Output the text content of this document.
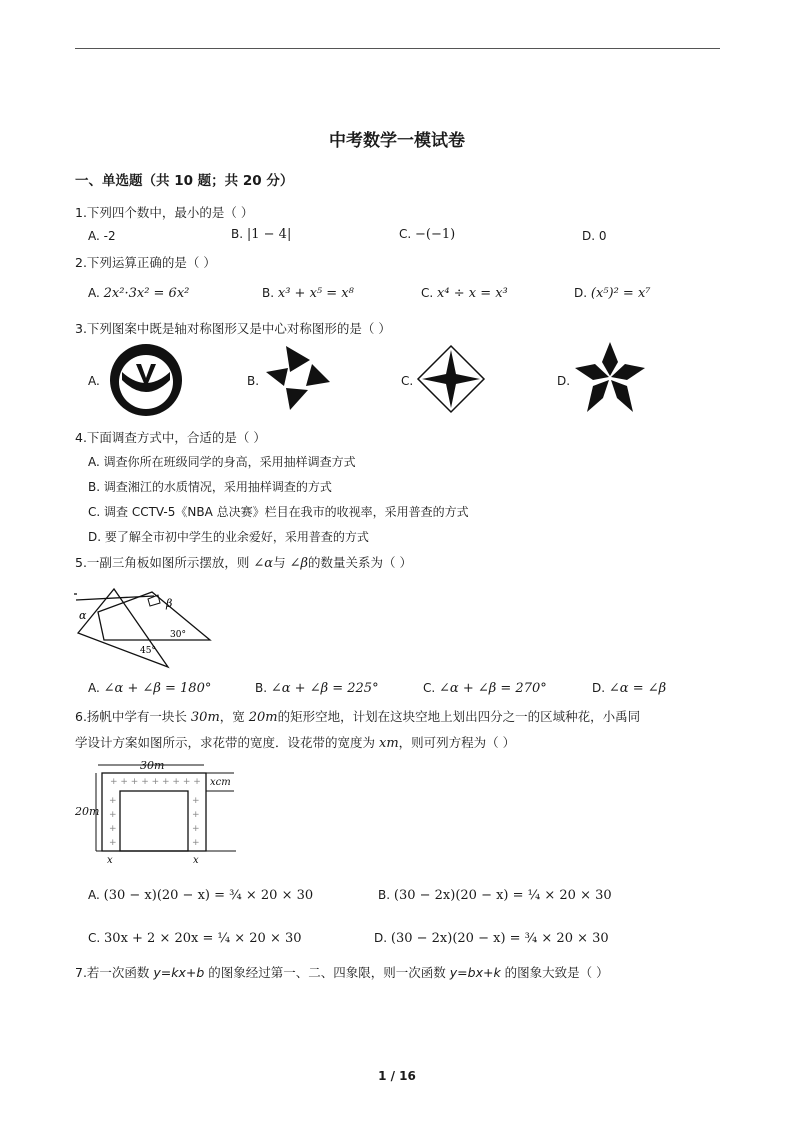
中考数学一模试卷
一、单选题（共 10 题；共 20 分）
1.下列四个数中，最小的是（ ）
A. -2	B. |1 − 4|	C. −(−1)	D. 0
2.下列运算正确的是（ ）
A. 2x²·3x² = 6x²	B. x³ + x⁵ = x⁸	C. x⁴ ÷ x = x³	D. (x⁵)² = x⁷
3.下列图案中既是轴对称图形又是中心对称图形的是（ ）
A.	B.	C.	D.
4.下面调查方式中，合适的是（ ）
A. 调查你所在班级同学的身高，采用抽样调查方式
B. 调查湘江的水质情况，采用抽样调查的方式
C. 调查 CCTV-5《NBA 总决赛》栏目在我市的收视率，采用普查的方式
D. 要了解全市初中学生的业余爱好，采用普查的方式
5.一副三角板如图所示摆放，则 ∠α与 ∠β的数量关系为（ ）
α
β
30°
45°
A. ∠α + ∠β = 180°	B. ∠α + ∠β = 225°	C. ∠α + ∠β = 270°	D. ∠α = ∠β
6.扬帆中学有一块长 30m，宽 20m的矩形空地，计划在这块空地上划出四分之一的区域种花，小禹同
学设计方案如图所示，求花带的宽度．设花带的宽度为 xm，则可列方程为（ ）
30m
20m
xcm
x	x
+ + + + + + + + +
+
+
+
+
+
+
+
+
A. (30 − x)(20 − x) = ¾ × 20 × 30	B. (30 − 2x)(20 − x) = ¼ × 20 × 30
C. 30x + 2 × 20x = ¼ × 20 × 30	D. (30 − 2x)(20 − x) = ¾ × 20 × 30
7.若一次函数 y=kx+b 的图象经过第一、二、四象限，则一次函数 y=bx+k 的图象大致是（ ）
1 / 16
